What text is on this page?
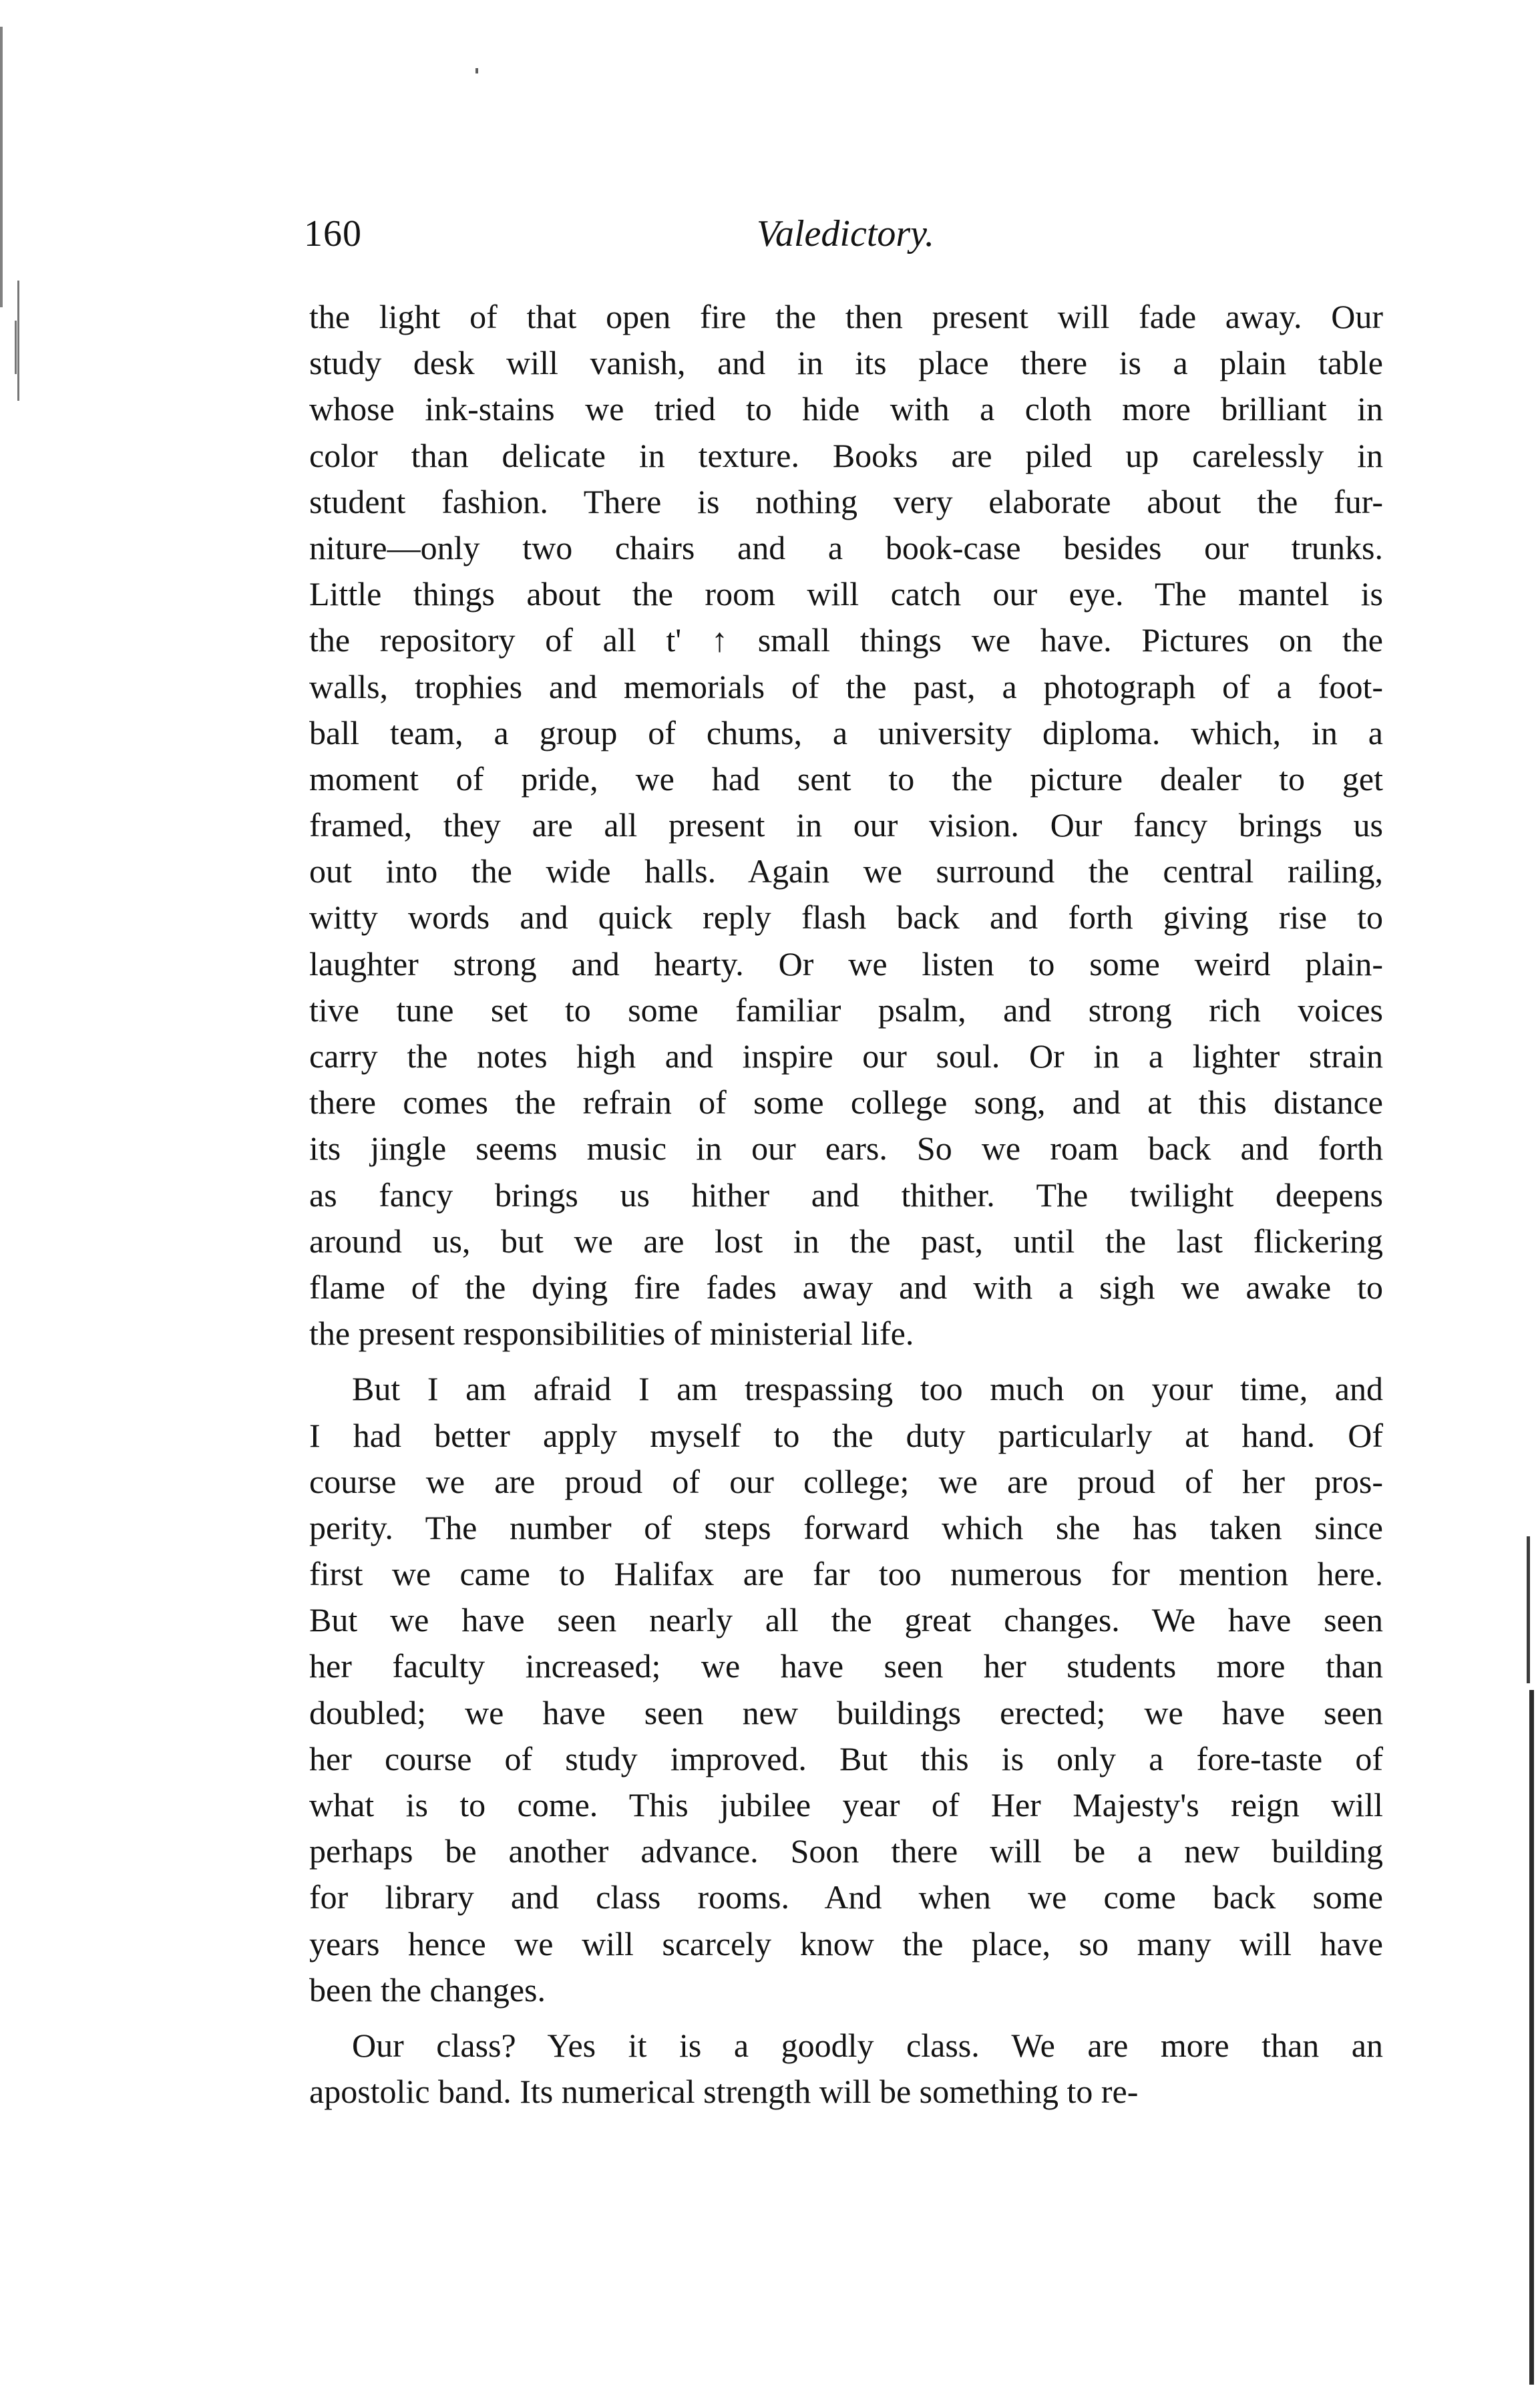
160	Valedictory.
the light of that open fire the then present will fade away. Our
study desk will vanish, and in its place there is a plain table
whose ink-stains we tried to hide with a cloth more brilliant in
color than delicate in texture. Books are piled up carelessly in
student fashion. There is nothing very elaborate about the fur-
niture—only two chairs and a book-case besides our trunks.
Little things about the room will catch our eye. The mantel is
the repository of all t' ↑ small things we have. Pictures on the
walls, trophies and memorials of the past, a photograph of a foot-
ball team, a group of chums, a university diploma. which, in a
moment of pride, we had sent to the picture dealer to get
framed, they are all present in our vision. Our fancy brings us
out into the wide halls. Again we surround the central railing,
witty words and quick reply flash back and forth giving rise to
laughter strong and hearty. Or we listen to some weird plain-
tive tune set to some familiar psalm, and strong rich voices
carry the notes high and inspire our soul. Or in a lighter strain
there comes the refrain of some college song, and at this distance
its jingle seems music in our ears. So we roam back and forth
as fancy brings us hither and thither. The twilight deepens
around us, but we are lost in the past, until the last flickering
flame of the dying fire fades away and with a sigh we awake to
the present responsibilities of ministerial life.
But I am afraid I am trespassing too much on your time, and
I had better apply myself to the duty particularly at hand. Of
course we are proud of our college; we are proud of her pros-
perity. The number of steps forward which she has taken since
first we came to Halifax are far too numerous for mention here.
But we have seen nearly all the great changes. We have seen
her faculty increased; we have seen her students more than
doubled; we have seen new buildings erected; we have seen
her course of study improved. But this is only a fore-taste of
what is to come. This jubilee year of Her Majesty's reign will
perhaps be another advance. Soon there will be a new building
for library and class rooms. And when we come back some
years hence we will scarcely know the place, so many will have
been the changes.
Our class? Yes it is a goodly class. We are more than an
apostolic band. Its numerical strength will be something to re-
